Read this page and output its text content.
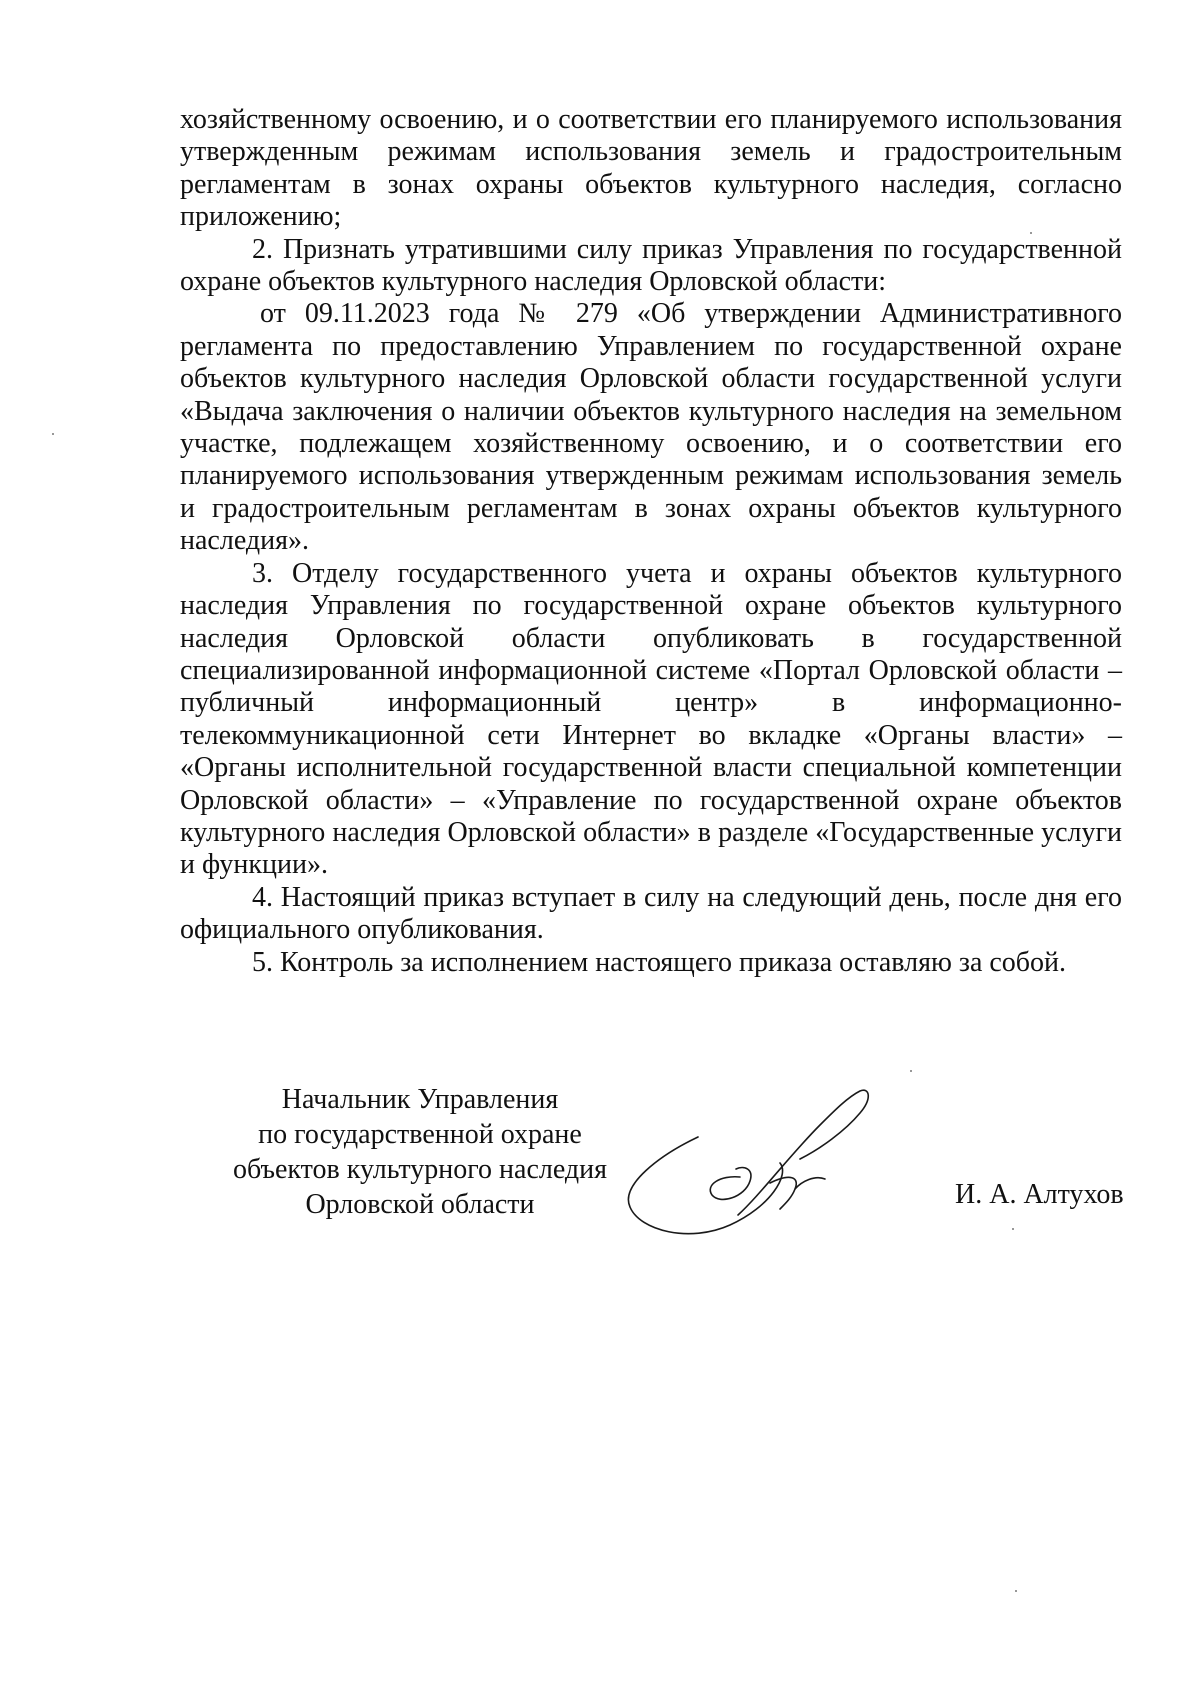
хозяйственному освоению, и о соответствии его планируемого использования утвержденным режимам использования земель и градостроительным регламентам в зонах охраны объектов культурного наследия, согласно приложению;

2. Признать утратившими силу приказ Управления по государственной охране объектов культурного наследия Орловской области:

от 09.11.2023 года № 279 «Об утверждении Административного регламента по предоставлению Управлением по государственной охране объектов культурного наследия Орловской области государственной услуги «Выдача заключения о наличии объектов культурного наследия на земельном участке, подлежащем хозяйственному освоению, и о соответствии его планируемого использования утвержденным режимам использования земель и градостроительным регламентам в зонах охраны объектов культурного наследия».

3. Отделу государственного учета и охраны объектов культурного наследия Управления по государственной охране объектов культурного наследия Орловской области опубликовать в государственной специализированной информационной системе «Портал Орловской области – публичный информационный центр» в информационно-телекоммуникационной сети Интернет во вкладке «Органы власти» – «Органы исполнительной государственной власти специальной компетенции Орловской области» – «Управление по государственной охране объектов культурного наследия Орловской области» в разделе «Государственные услуги и функции».

4. Настоящий приказ вступает в силу на следующий день, после дня его официального опубликования.

5. Контроль за исполнением настоящего приказа оставляю за собой.

Начальник Управления
по государственной охране
объектов культурного наследия
Орловской области	И. А. Алтухов
